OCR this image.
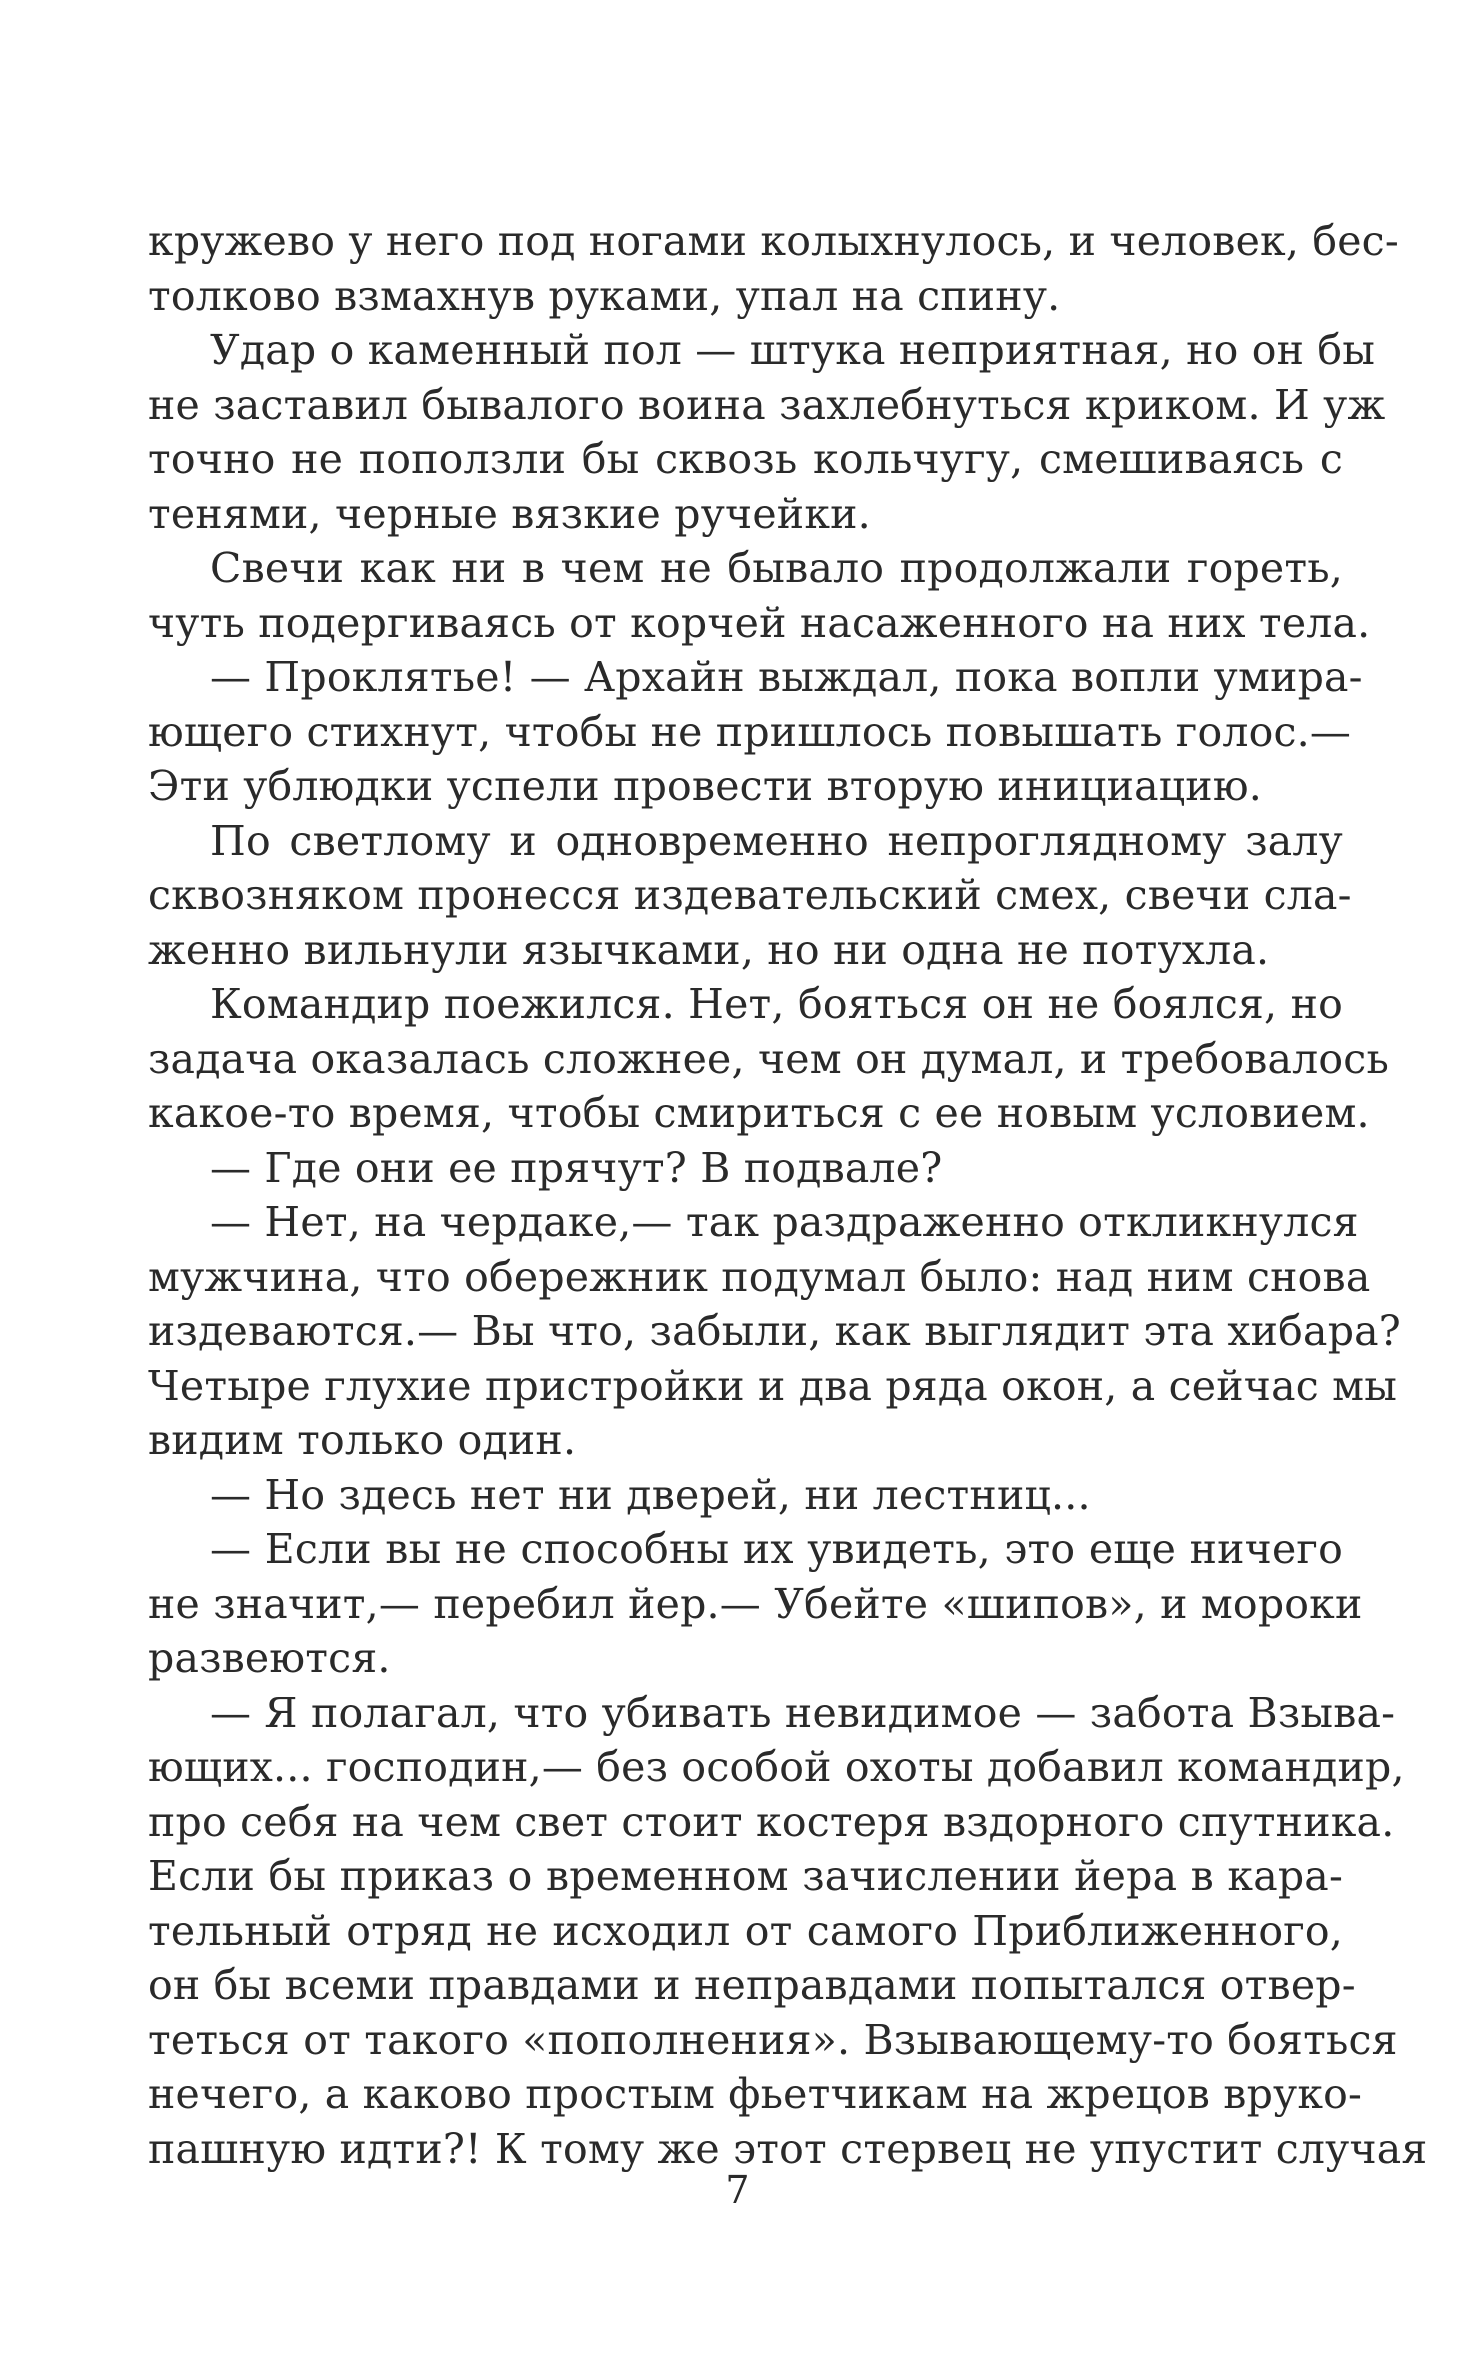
кружево у него под ногами колыхнулось, и человек, бес-
толково взмахнув руками, упал на спину.
Удар о каменный пол — штука неприятная, но он бы
не заставил бывалого воина захлебнуться криком. И уж
точно не поползли бы сквозь кольчугу, смешиваясь с
тенями, черные вязкие ручейки.
Свечи как ни в чем не бывало продолжали гореть,
чуть подергиваясь от корчей насаженного на них тела.
— Проклятье! — Архайн выждал, пока вопли умира-
ющего стихнут, чтобы не пришлось повышать голос.—
Эти ублюдки успели провести вторую инициацию.
По светлому и одновременно непроглядному залу
сквозняком пронесся издевательский смех, свечи сла-
женно вильнули язычками, но ни одна не потухла.
Командир поежился. Нет, бояться он не боялся, но
задача оказалась сложнее, чем он думал, и требовалось
какое-то время, чтобы смириться с ее новым условием.
— Где они ее прячут? В подвале?
— Нет, на чердаке,— так раздраженно откликнулся
мужчина, что обережник подумал было: над ним снова
издеваются.— Вы что, забыли, как выглядит эта хибара?
Четыре глухие пристройки и два ряда окон, а сейчас мы
видим только один.
— Но здесь нет ни дверей, ни лестниц...
— Если вы не способны их увидеть, это еще ничего
не значит,— перебил йер.— Убейте «шипов», и мороки
развеются.
— Я полагал, что убивать невидимое — забота Взыва-
ющих... господин,— без особой охоты добавил командир,
про себя на чем свет стоит костеря вздорного спутника.
Если бы приказ о временном зачислении йера в кара-
тельный отряд не исходил от самого Приближенного,
он бы всеми правдами и неправдами попытался отвер-
теться от такого «пополнения». Взывающему-то бояться
нечего, а каково простым фьетчикам на жрецов вруко-
пашную идти?! К тому же этот стервец не упустит случая
7
